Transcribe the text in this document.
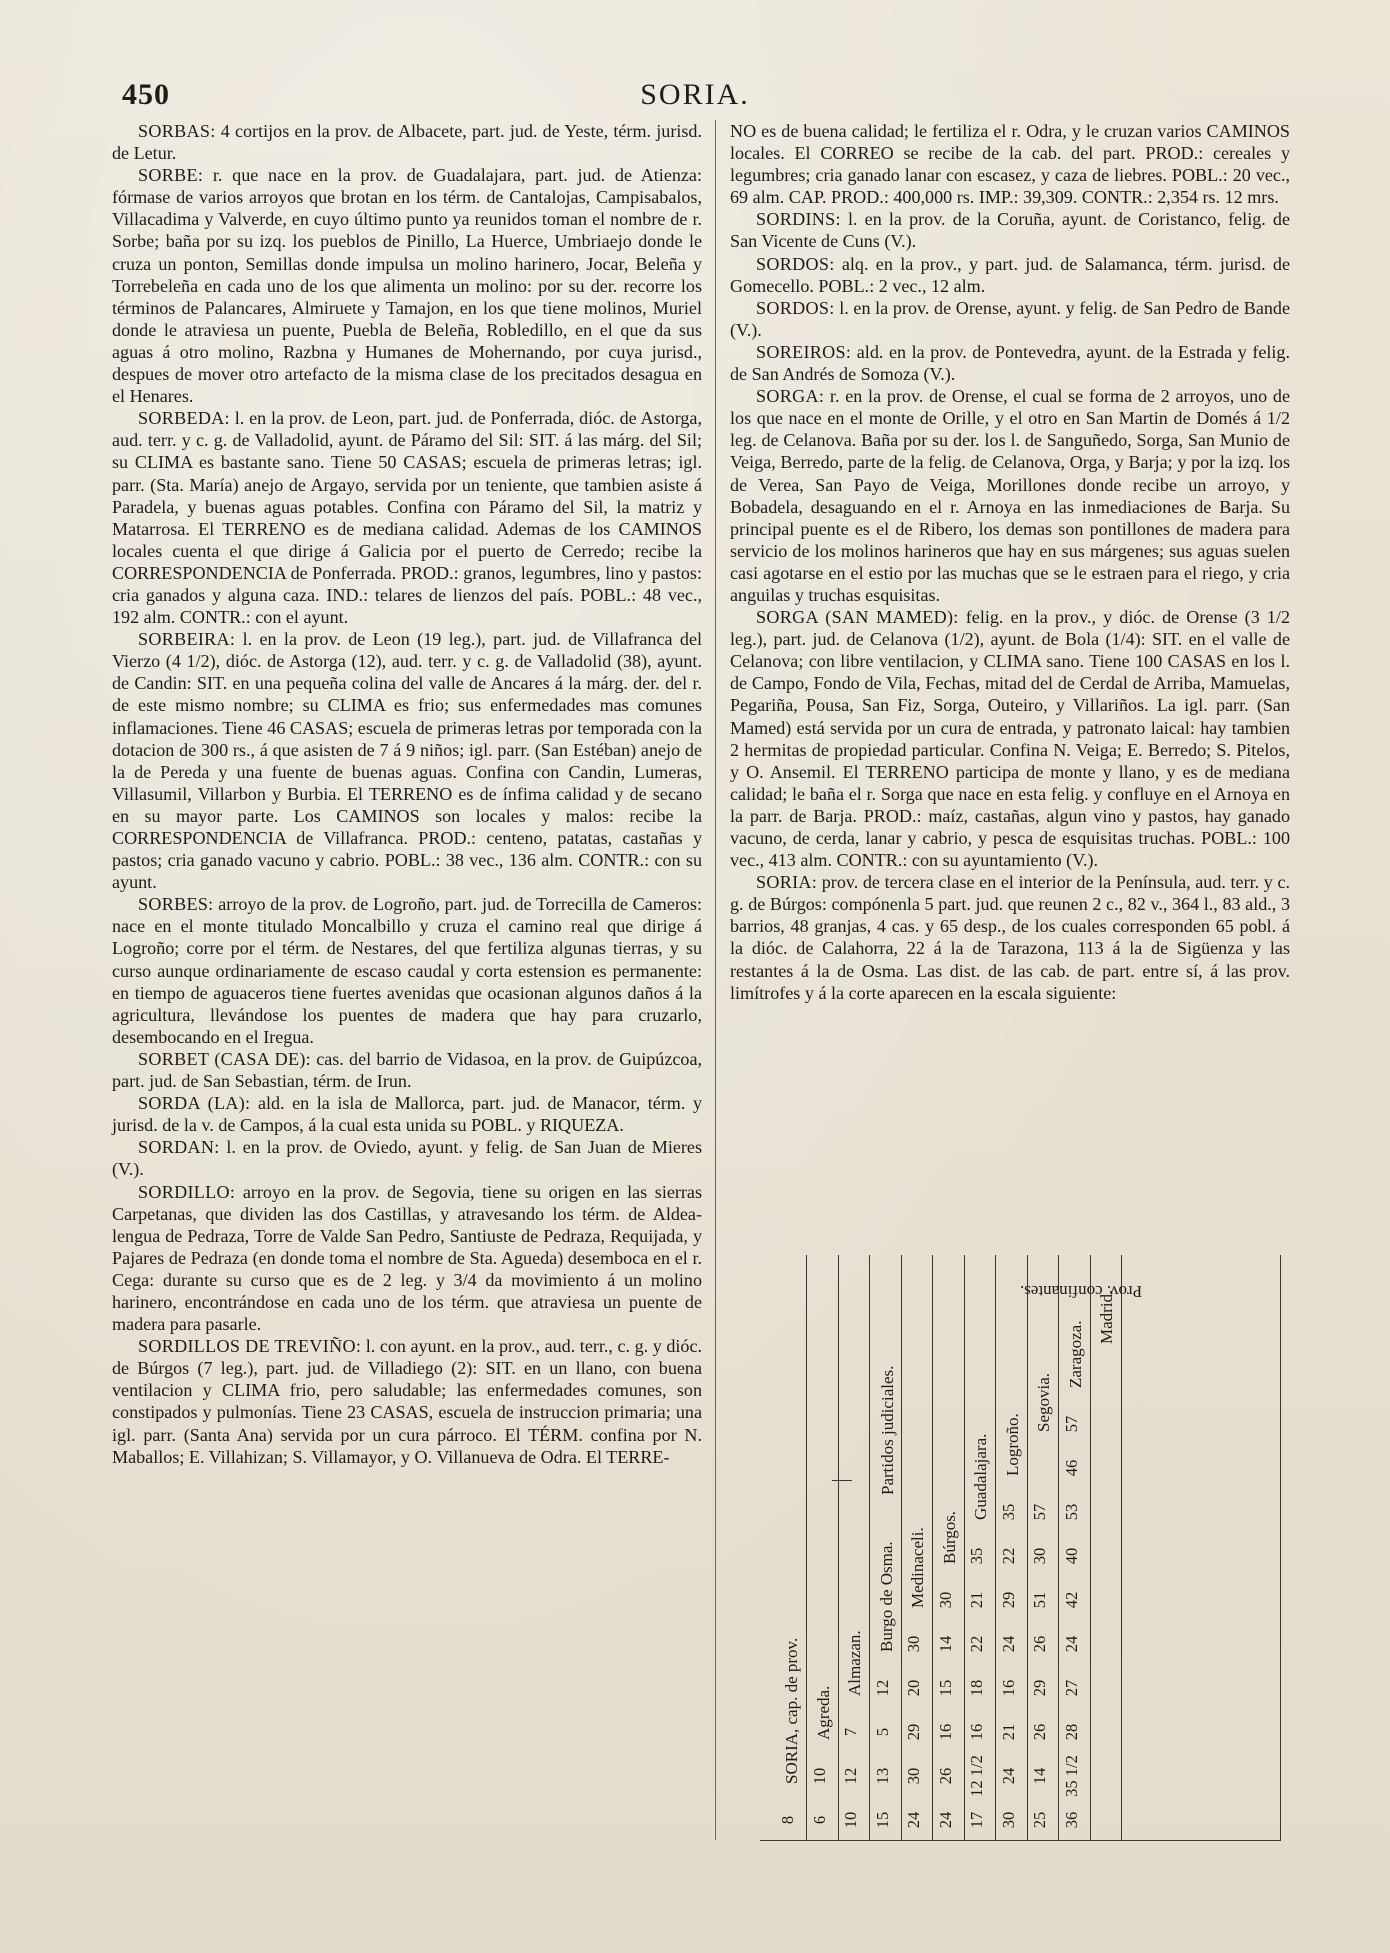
450	SORIA.

SORBAS: 4 cortijos en la prov. de Albacete, part. jud. de Yeste, térm. jurisd. de Letur.

SORBE: r. que nace en la prov. de Guadalajara, part. jud. de Atienza: fórmase de varios arroyos que brotan en los térm. de Cantalojas, Campisabalos, Villacadima y Valverde, en cuyo último punto ya reunidos toman el nombre de r. Sorbe; baña por su izq. los pueblos de Pinillo, La Huerce, Umbriaejo donde le cruza un ponton, Semillas donde impulsa un molino harinero, Jocar, Beleña y Torrebeleña en cada uno de los que alimenta un molino: por su der. recorre los términos de Palancares, Almiruete y Tamajon, en los que tiene molinos, Muriel donde le atraviesa un puente, Puebla de Beleña, Robledillo, en el que da sus aguas á otro molino, Razbna y Humanes de Mohernando, por cuya jurisd., despues de mover otro artefacto de la misma clase de los precitados desagua en el Henares.

SORBEDA: l. en la prov. de Leon, part. jud. de Ponferrada, dióc. de Astorga, aud. terr. y c. g. de Valladolid, ayunt. de Páramo del Sil: SIT. á las márg. del Sil; su CLIMA es bastante sano. Tiene 50 CASAS; escuela de primeras letras; igl. parr. (Sta. María) anejo de Argayo, servida por un teniente, que tambien asiste á Paradela, y buenas aguas potables. Confina con Páramo del Sil, la matriz y Matarrosa. El TERRENO es de mediana calidad. Ademas de los CAMINOS locales cuenta el que dirige á Galicia por el puerto de Cerredo; recibe la CORRESPONDENCIA de Ponferrada. PROD.: granos, legumbres, lino y pastos: cria ganados y alguna caza. IND.: telares de lienzos del país. POBL.: 48 vec., 192 alm. CONTR.: con el ayunt.

SORBEIRA: l. en la prov. de Leon (19 leg.), part. jud. de Villafranca del Vierzo (4 1/2), dióc. de Astorga (12), aud. terr. y c. g. de Valladolid (38), ayunt. de Candin: SIT. en una pequeña colina del valle de Ancares á la márg. der. del r. de este mismo nombre; su CLIMA es frio; sus enfermedades mas comunes inflamaciones. Tiene 46 CASAS; escuela de primeras letras por temporada con la dotacion de 300 rs., á que asisten de 7 á 9 niños; igl. parr. (San Estéban) anejo de la de Pereda y una fuente de buenas aguas. Confina con Candin, Lumeras, Villasumil, Villarbon y Burbia. El TERRENO es de ínfima calidad y de secano en su mayor parte. Los CAMINOS son locales y malos: recibe la CORRESPONDENCIA de Villafranca. PROD.: centeno, patatas, castañas y pastos; cria ganado vacuno y cabrio. POBL.: 38 vec., 136 alm. CONTR.: con su ayunt.

SORBES: arroyo de la prov. de Logroño, part. jud. de Torrecilla de Cameros: nace en el monte titulado Moncalbillo y cruza el camino real que dirige á Logroño; corre por el térm. de Nestares, del que fertiliza algunas tierras, y su curso aunque ordinariamente de escaso caudal y corta estension es permanente: en tiempo de aguaceros tiene fuertes avenidas que ocasionan algunos daños á la agricultura, llevándose los puentes de madera que hay para cruzarlo, desembocando en el Iregua.

SORBET (CASA DE): cas. del barrio de Vidasoa, en la prov. de Guipúzcoa, part. jud. de San Sebastian, térm. de Irun.

SORDA (LA): ald. en la isla de Mallorca, part. jud. de Manacor, térm. y jurisd. de la v. de Campos, á la cual esta unida su POBL. y RIQUEZA.

SORDAN: l. en la prov. de Oviedo, ayunt. y felig. de San Juan de Mieres (V.).

SORDILLO: arroyo en la prov. de Segovia, tiene su origen en las sierras Carpetanas, que dividen las dos Castillas, y atravesando los térm. de Aldea-lengua de Pedraza, Torre de Valde San Pedro, Santiuste de Pedraza, Requijada, y Pajares de Pedraza (en donde toma el nombre de Sta. Agueda) desemboca en el r. Cega: durante su curso que es de 2 leg. y 3/4 da movimiento á un molino harinero, encontrándose en cada uno de los térm. que atraviesa un puente de madera para pasarle.

SORDILLOS DE TREVIÑO: l. con ayunt. en la prov., aud. terr., c. g. y dióc. de Búrgos (7 leg.), part. jud. de Villadiego (2): SIT. en un llano, con buena ventilacion y CLIMA frio, pero saludable; las enfermedades comunes, son constipados y pulmonías. Tiene 23 CASAS, escuela de instruccion primaria; una igl. parr. (Santa Ana) servida por un cura párroco. El TÉRM. confina por N. Maballos; E. Villahizan; S. Villamayor, y O. Villanueva de Odra. El TERRE-

NO es de buena calidad; le fertiliza el r. Odra, y le cruzan varios CAMINOS locales. El CORREO se recibe de la cab. del part. PROD.: cereales y legumbres; cria ganado lanar con escasez, y caza de liebres. POBL.: 20 vec., 69 alm. CAP. PROD.: 400,000 rs. IMP.: 39,309. CONTR.: 2,354 rs. 12 mrs.

SORDINS: l. en la prov. de la Coruña, ayunt. de Coristanco, felig. de San Vicente de Cuns (V.).

SORDOS: alq. en la prov., y part. jud. de Salamanca, térm. jurisd. de Gomecello. POBL.: 2 vec., 12 alm.

SORDOS: l. en la prov. de Orense, ayunt. y felig. de San Pedro de Bande (V.).

SOREIROS: ald. en la prov. de Pontevedra, ayunt. de la Estrada y felig. de San Andrés de Somoza (V.).

SORGA: r. en la prov. de Orense, el cual se forma de 2 arroyos, uno de los que nace en el monte de Orille, y el otro en San Martin de Domés á 1/2 leg. de Celanova. Baña por su der. los l. de Sanguñedo, Sorga, San Munio de Veiga, Berredo, parte de la felig. de Celanova, Orga, y Barja; y por la izq. los de Verea, San Payo de Veiga, Morillones donde recibe un arroyo, y Bobadela, desaguando en el r. Arnoya en las inmediaciones de Barja. Su principal puente es el de Ribero, los demas son pontillones de madera para servicio de los molinos harineros que hay en sus márgenes; sus aguas suelen casi agotarse en el estio por las muchas que se le estraen para el riego, y cria anguilas y truchas esquisitas.

SORGA (SAN MAMED): felig. en la prov., y dióc. de Orense (3 1/2 leg.), part. jud. de Celanova (1/2), ayunt. de Bola (1/4): SIT. en el valle de Celanova; con libre ventilacion, y CLIMA sano. Tiene 100 CASAS en los l. de Campo, Fondo de Vila, Fechas, mitad del de Cerdal de Arriba, Mamuelas, Pegariña, Pousa, San Fiz, Sorga, Outeiro, y Villariños. La igl. parr. (San Mamed) está servida por un cura de entrada, y patronato laical: hay tambien 2 hermitas de propiedad particular. Confina N. Veiga; E. Berredo; S. Pitelos, y O. Ansemil. El TERRENO participa de monte y llano, y es de mediana calidad; le baña el r. Sorga que nace en esta felig. y confluye en el Arnoya en la parr. de Barja. PROD.: maíz, castañas, algun vino y pastos, hay ganado vacuno, de cerda, lanar y cabrio, y pesca de esquisitas truchas. POBL.: 100 vec., 413 alm. CONTR.: con su ayuntamiento (V.).

SORIA: prov. de tercera clase en el interior de la Península, aud. terr. y c. g. de Búrgos: compónenla 5 part. jud. que reunen 2 c., 82 v., 364 l., 83 ald., 3 barrios, 48 granjas, 4 cas. y 65 desp., de los cuales corresponden 65 pobl. á la dióc. de Calahorra, 22 á la de Tarazona, 113 á la de Sigüenza y las restantes á la de Osma. Las dist. de las cab. de part. entre sí, á las prov. limítrofes y á la corte aparecen en la escala siguiente:

SORIA, cap. de prov.
8
Agreda.
6
10
Almazan.
10
12
7
Burgo de Osma.
15
13
5
12
Medinaceli.
24
30
29
20
30
Búrgos.
24
26
16
15
14
30
Guadalajara.
17
12 1/2
16
18
22
21
35
Logroño.
30
24
21
16
24
29
22
35
Segovia.
25
14
26
29
26
51
30
57
Zaragoza.
36
35 1/2
28
27
24
42
40
53
46
57
Madrid.
Partidos judiciales.
Prov. confinantes.
